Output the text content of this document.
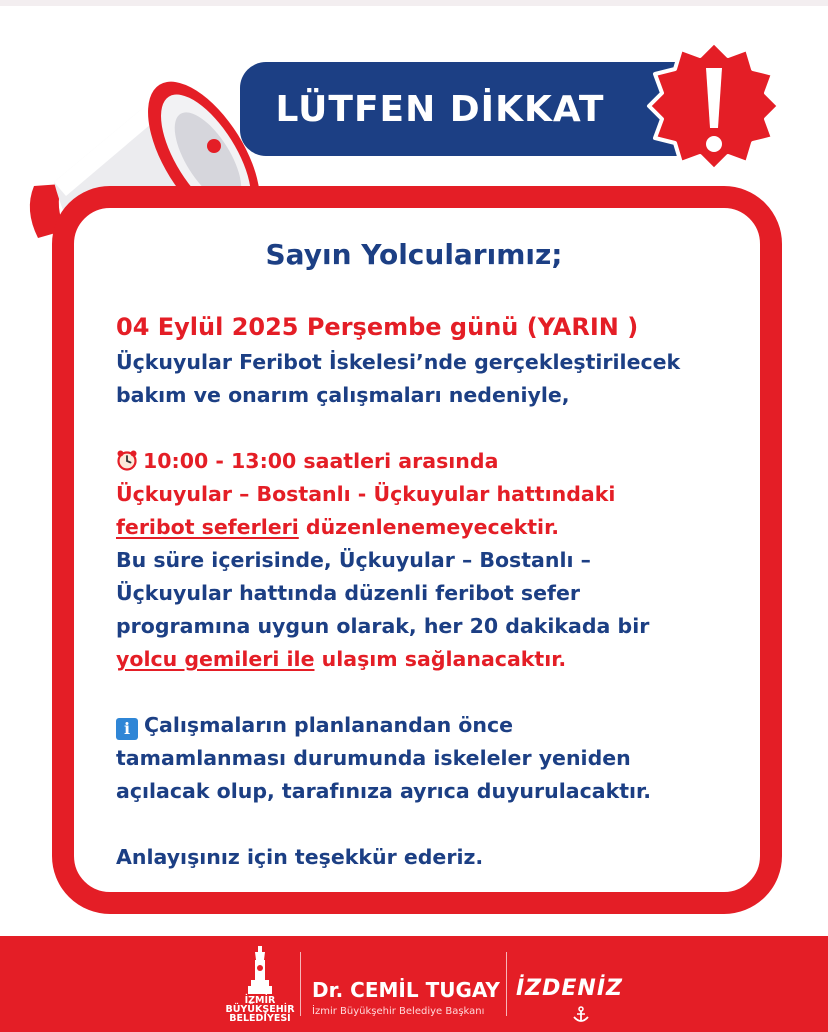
LÜTFEN DİKKAT
Sayın Yolcularımız;

04 Eylül 2025 Perşembe günü (YARIN )

Üçkuyular Feribot İskelesi’nde gerçekleştirilecek

bakım ve onarım çalışmaları nedeniyle,

10:00 - 13:00 saatleri arasında

Üçkuyular – Bostanlı - Üçkuyular hattındaki

feribot seferleri düzenlenemeyecektir.

Bu süre içerisinde, Üçkuyular – Bostanlı –

Üçkuyular hattında düzenli feribot sefer

programına uygun olarak, her 20 dakikada bir

yolcu gemileri ile ulaşım sağlanacaktır.

i Çalışmaların planlanandan önce

tamamlanması durumunda iskeleler yeniden

açılacak olup, tarafınıza ayrıca duyurulacaktır.

Anlayışınız için teşekkür ederiz.

İZMİR
BÜYÜKŞEHİR
BELEDİYESİ
Dr. CEMİL TUGAY
İzmir Büyükşehir Belediye Başkanı
İZDENİZ
